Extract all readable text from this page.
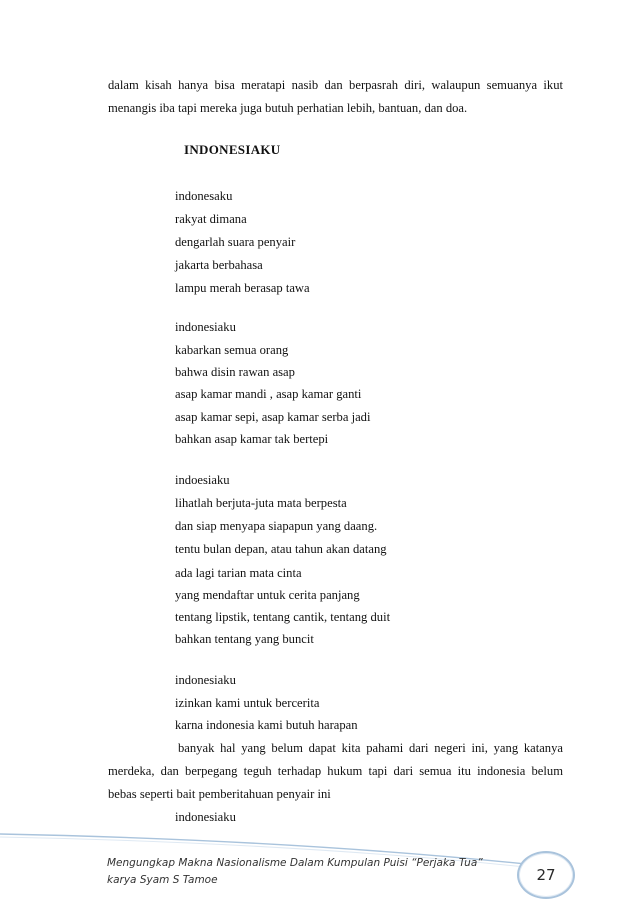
dalam kisah hanya bisa meratapi nasib dan berpasrah diri, walaupun semuanya ikut
menangis iba tapi mereka juga butuh perhatian lebih, bantuan, dan doa.
INDONESIAKU
indonesaku
rakyat dimana
dengarlah suara penyair
jakarta berbahasa
lampu merah berasap tawa
indonesiaku
kabarkan semua orang
bahwa disin rawan asap
asap kamar mandi , asap kamar ganti
asap kamar sepi, asap kamar serba jadi
bahkan asap kamar tak bertepi
indoesiaku
lihatlah berjuta-juta mata berpesta
dan siap menyapa siapapun yang daang.
tentu bulan depan, atau tahun akan datang
ada lagi tarian mata cinta
yang mendaftar untuk cerita panjang
tentang lipstik, tentang cantik, tentang duit
bahkan tentang yang buncit
indonesiaku
izinkan kami untuk bercerita
karna indonesia kami butuh harapan
banyak hal yang belum dapat kita pahami dari negeri ini, yang katanya
merdeka, dan berpegang teguh terhadap hukum tapi dari semua itu indonesia belum
bebas seperti bait pemberitahuan penyair ini
indonesiaku
Mengungkap Makna Nasionalisme Dalam Kumpulan Puisi “Perjaka Tua”
karya Syam S Tamoe	27
